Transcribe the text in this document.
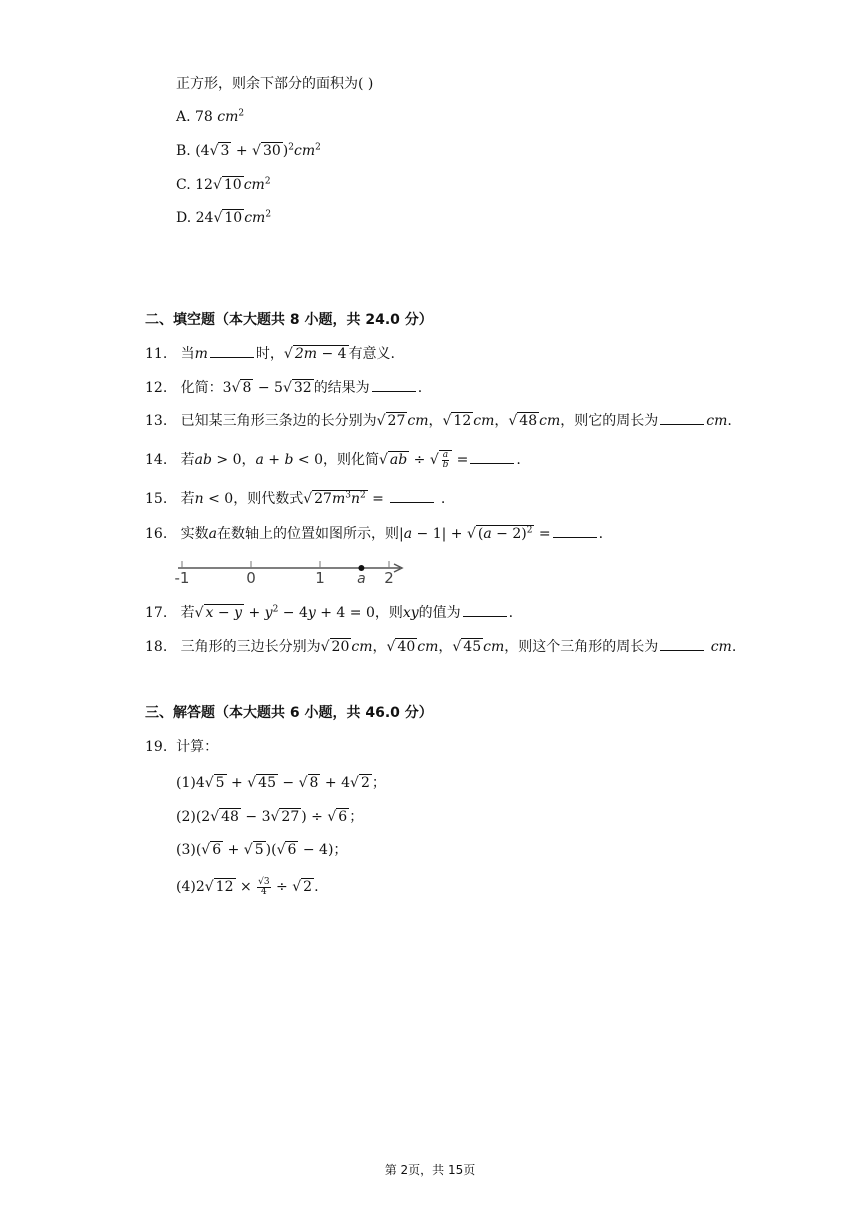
正方形，则余下部分的面积为( )
A. 78 $cm^2$
B. (4√ 3 + √ 30 )$^2cm^2$
C. 12√ 10 $cm^2$
D. 24√ 10 $cm^2$
二、填空题（本大题共 8 小题，共 24.0 分）
11. 当m	时，√ 2m − 4 有意义.
12. 化简：3√ 8 − 5√ 32 的结果为	.
13. 已知某三角形三条边的长分别为√ 27 cm，√ 12 cm，√ 48 cm，则它的周长为	cm.
14. 若ab > 0，a + b < 0，则化简√ ab ÷ √ $\frac{a}{b}$ =	.
15. 若n < 0，则代数式√ $27m^3n^2$ =	.
16. 实数a在数轴上的位置如图所示，则|a − 1| + √ $(a - 2)^2$ =	.
-1	0	1	2
a
17. 若√ $x - y + y^2 - 4y + 4 = 0$，则xy的值为	.
18. 三角形的三边长分别为√ 20 cm，√ 40 cm，√ 45 cm，则这个三角形的周长为	cm.
三、解答题（本大题共 6 小题，共 46.0 分）
19. 计算：
(1)4√ 5 + √ 45 − √ 8 + 4√ 2 ；
(2)(2√ 48 − 3√ 27 ) ÷ √ 6 ；
(3)(√ 6 + √ 5 )(√ 6 − 4)；
(4)2√ $12 \times \frac{√3}{4}$ ÷ √ 2 .
第 2页，共 15页
